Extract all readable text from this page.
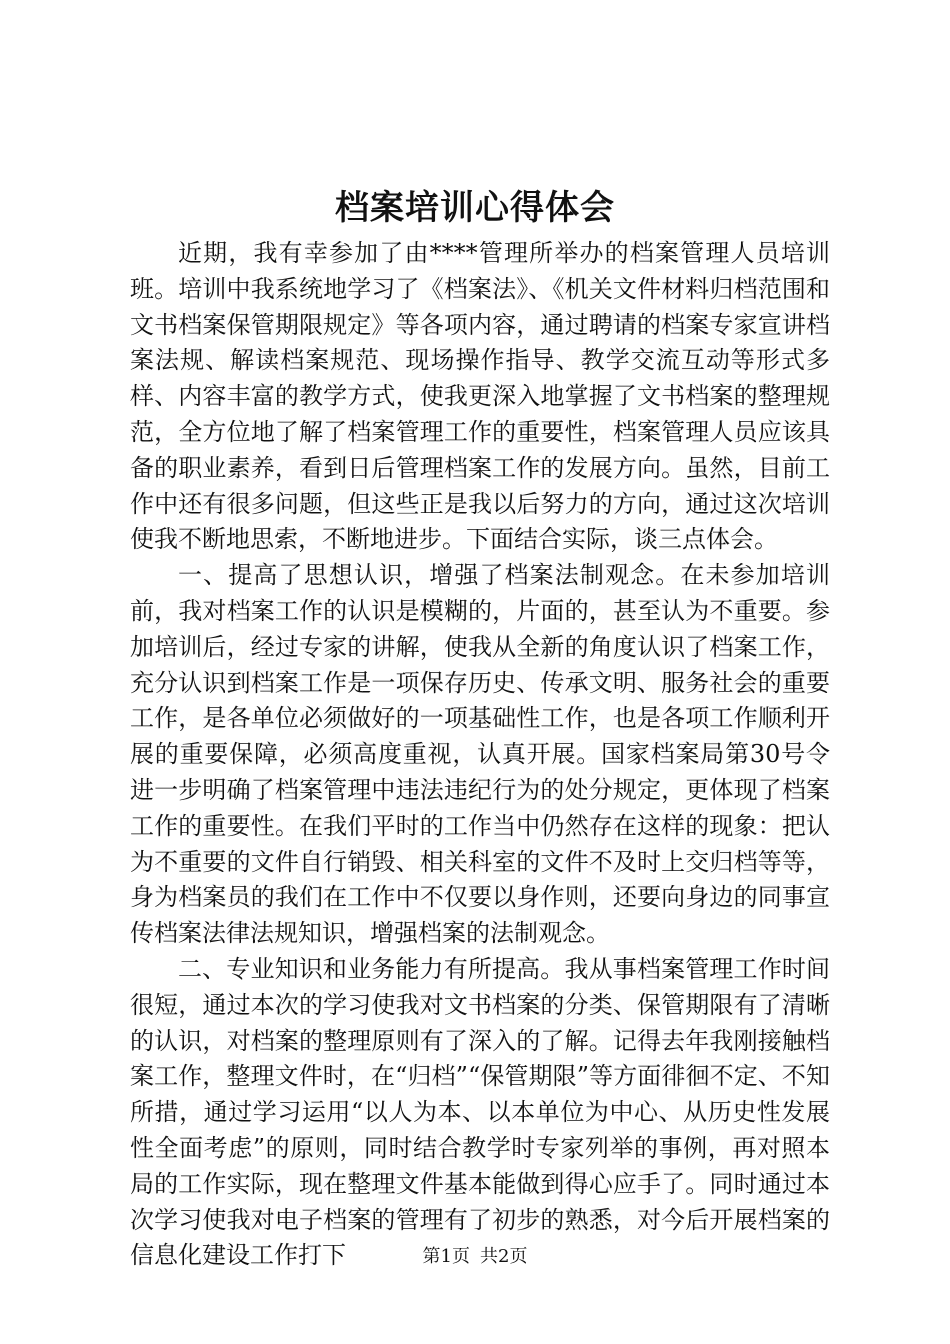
档案培训心得体会

近期，我有幸参加了由****管理所举办的档案管理人员培训班。培训中我系统地学习了《档案法》、《机关文件材料归档范围和文书档案保管期限规定》等各项内容，通过聘请的档案专家宣讲档案法规、解读档案规范、现场操作指导、教学交流互动等形式多样、内容丰富的教学方式，使我更深入地掌握了文书档案的整理规范，全方位地了解了档案管理工作的重要性，档案管理人员应该具备的职业素养，看到日后管理档案工作的发展方向。虽然，目前工作中还有很多问题，但这些正是我以后努力的方向，通过这次培训使我不断地思索，不断地进步。下面结合实际，谈三点体会。

一、提高了思想认识，增强了档案法制观念。在未参加培训前，我对档案工作的认识是模糊的，片面的，甚至认为不重要。参加培训后，经过专家的讲解，使我从全新的角度认识了档案工作，充分认识到档案工作是一项保存历史、传承文明、服务社会的重要工作，是各单位必须做好的一项基础性工作，也是各项工作顺利开展的重要保障，必须高度重视，认真开展。国家档案局第30号令进一步明确了档案管理中违法违纪行为的处分规定，更体现了档案工作的重要性。在我们平时的工作当中仍然存在这样的现象：把认为不重要的文件自行销毁、相关科室的文件不及时上交归档等等，身为档案员的我们在工作中不仅要以身作则，还要向身边的同事宣传档案法律法规知识，增强档案的法制观念。

二、专业知识和业务能力有所提高。我从事档案管理工作时间很短，通过本次的学习使我对文书档案的分类、保管期限有了清晰的认识，对档案的整理原则有了深入的了解。记得去年我刚接触档案工作，整理文件时，在“归档”“保管期限”等方面徘徊不定、不知所措，通过学习运用“以人为本、以本单位为中心、从历史性发展性全面考虑”的原则，同时结合教学时专家列举的事例，再对照本局的工作实际，现在整理文件基本能做到得心应手了。同时通过本次学习使我对电子档案的管理有了初步的熟悉，对今后开展档案的信息化建设工作打下	第1页 共2页
